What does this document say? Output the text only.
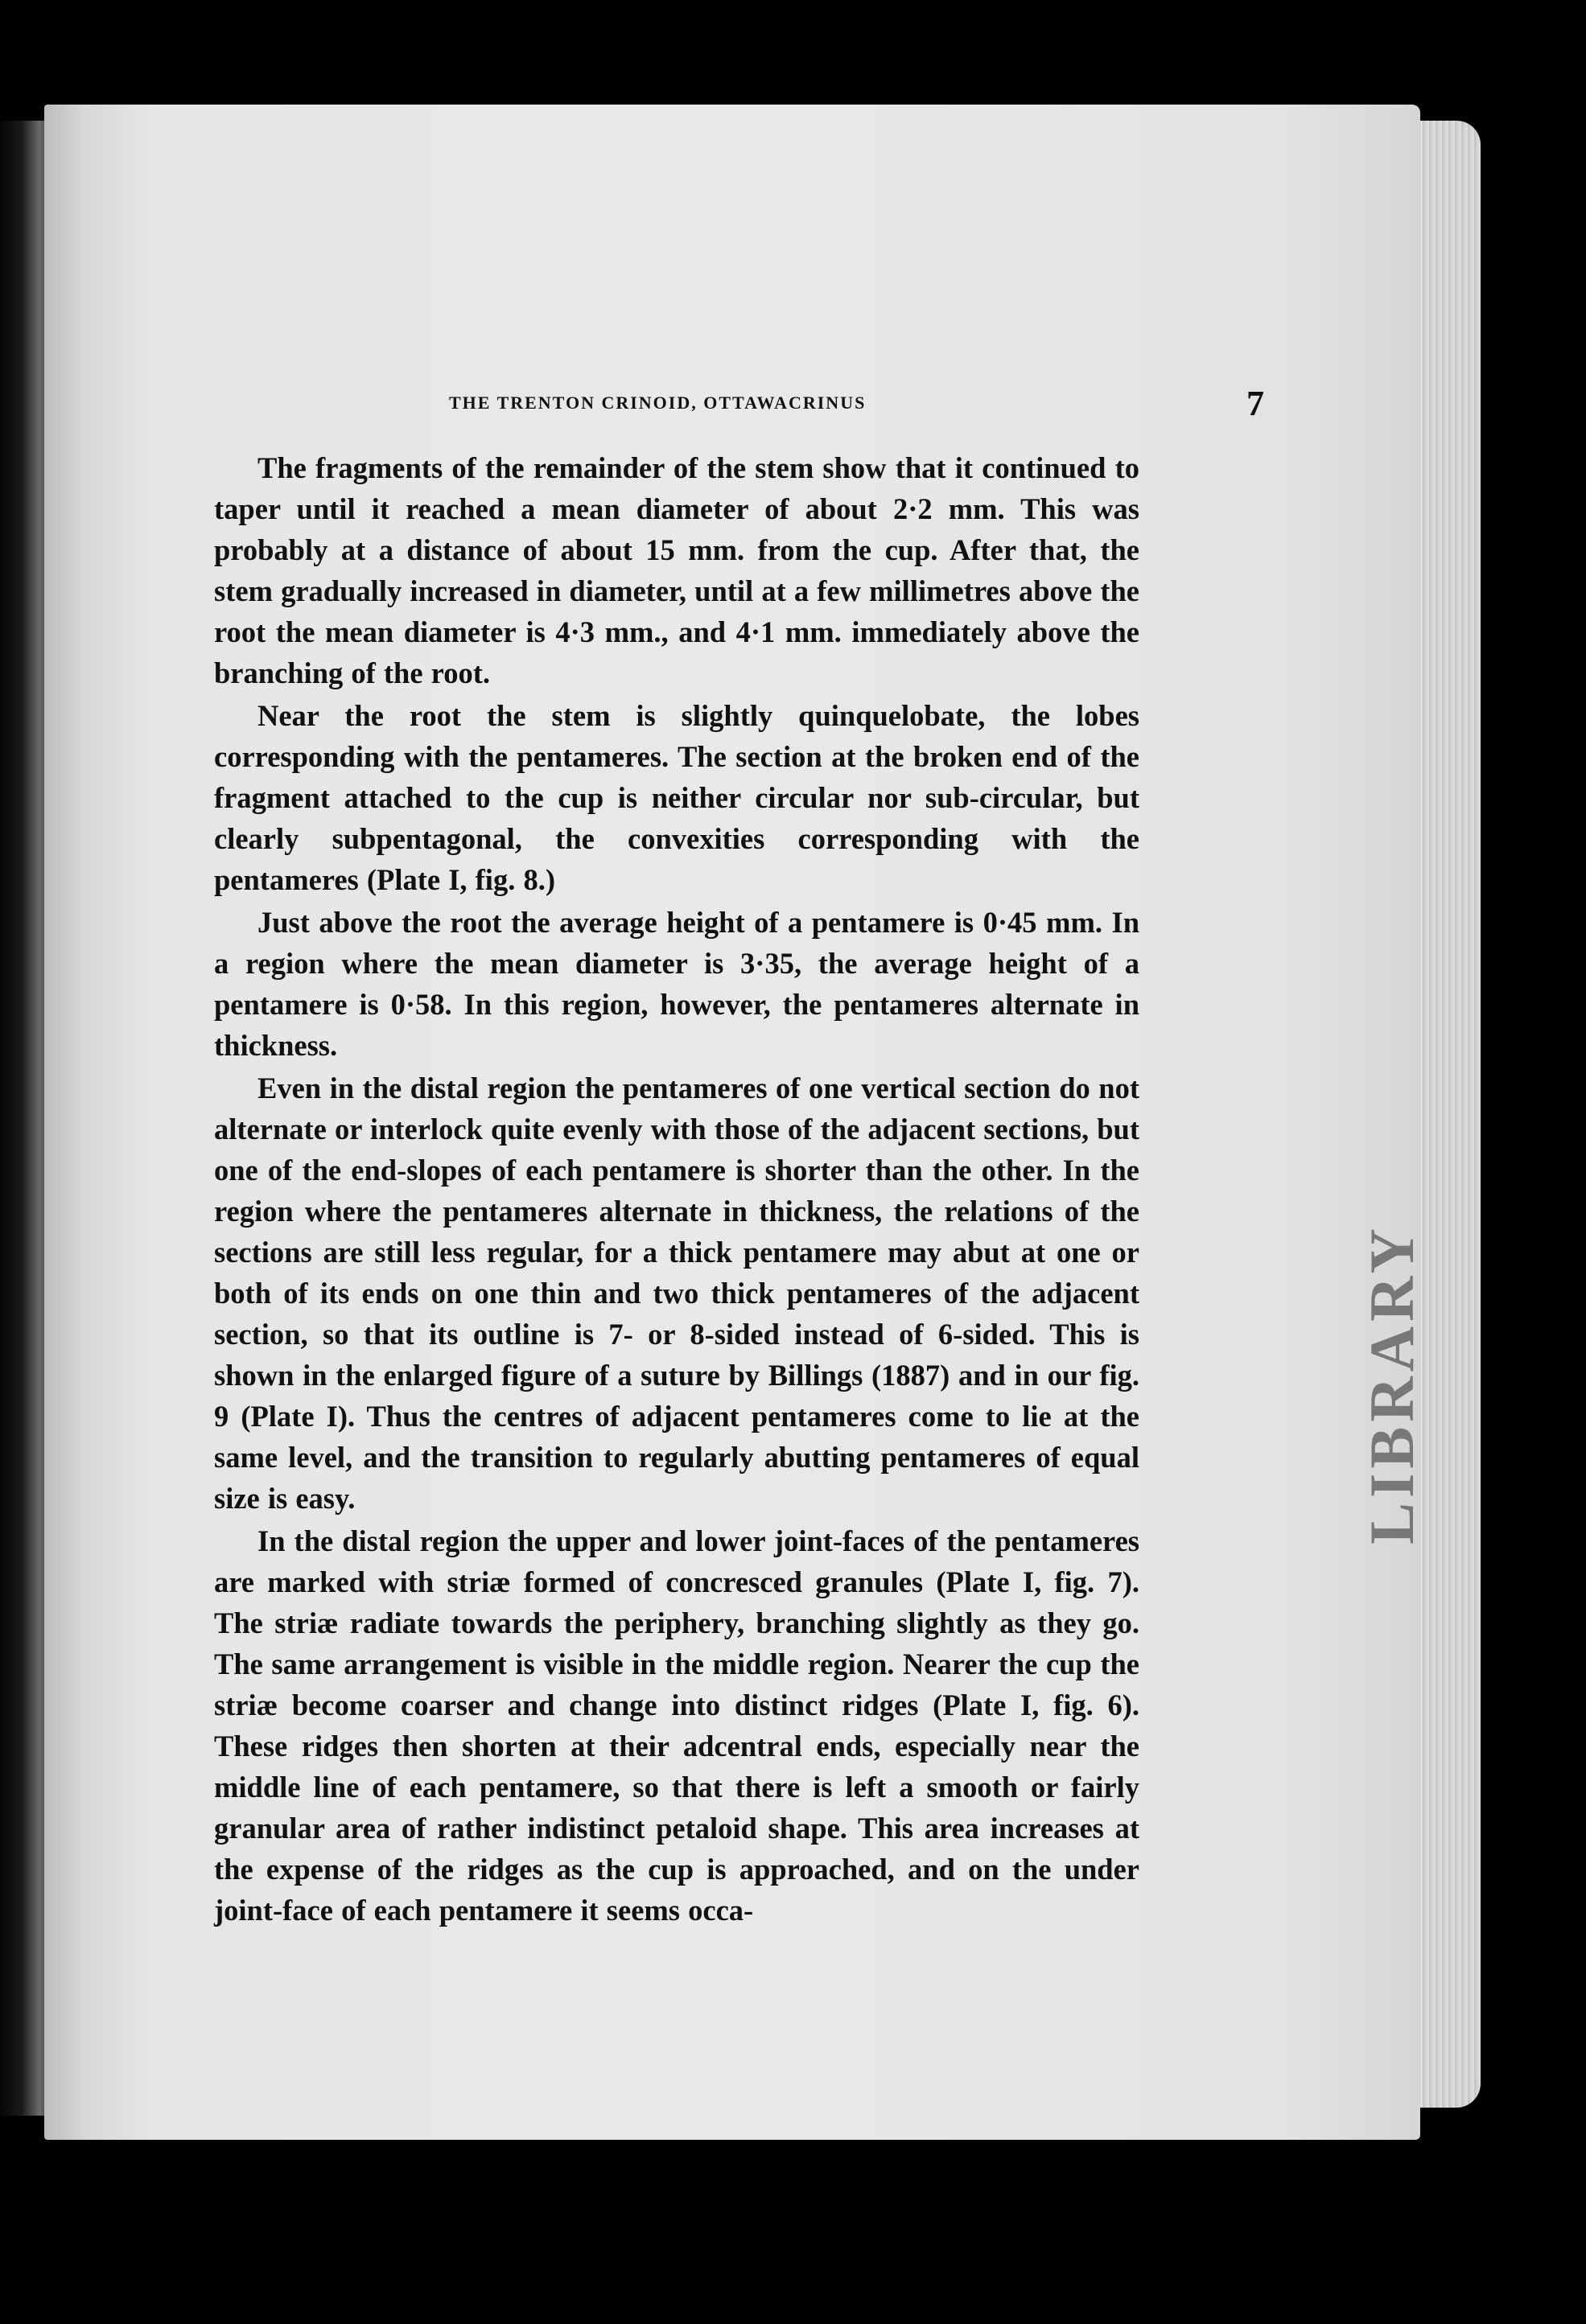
LIBRARY
THE TRENTON CRINOID, OTTAWACRINUS	7

The fragments of the remainder of the stem show that it continued to taper until it reached a mean diameter of about 2·2 mm. This was probably at a distance of about 15 mm. from the cup. After that, the stem gradually increased in diameter, until at a few millimetres above the root the mean diameter is 4·3 mm., and 4·1 mm. immediately above the branching of the root.

Near the root the stem is slightly quinquelobate, the lobes corresponding with the pentameres. The section at the broken end of the fragment attached to the cup is neither circular nor sub-circular, but clearly subpentagonal, the convexities corresponding with the pentameres (Plate I, fig. 8.)

Just above the root the average height of a pentamere is 0·45 mm. In a region where the mean diameter is 3·35, the average height of a pentamere is 0·58. In this region, however, the pentameres alternate in thickness.

Even in the distal region the pentameres of one vertical section do not alternate or interlock quite evenly with those of the adjacent sections, but one of the end-slopes of each pentamere is shorter than the other. In the region where the pentameres alternate in thickness, the relations of the sections are still less regular, for a thick pentamere may abut at one or both of its ends on one thin and two thick pentameres of the adjacent section, so that its outline is 7- or 8-sided instead of 6-sided. This is shown in the enlarged figure of a suture by Billings (1887) and in our fig. 9 (Plate I). Thus the centres of adjacent pentameres come to lie at the same level, and the transition to regularly abutting pentameres of equal size is easy.

In the distal region the upper and lower joint-faces of the pentameres are marked with striæ formed of concresced granules (Plate I, fig. 7). The striæ radiate towards the periphery, branching slightly as they go. The same arrangement is visible in the middle region. Nearer the cup the striæ become coarser and change into distinct ridges (Plate I, fig. 6). These ridges then shorten at their adcentral ends, especially near the middle line of each pentamere, so that there is left a smooth or fairly granular area of rather indistinct petaloid shape. This area increases at the expense of the ridges as the cup is approached, and on the under joint-face of each pentamere it seems occa-
